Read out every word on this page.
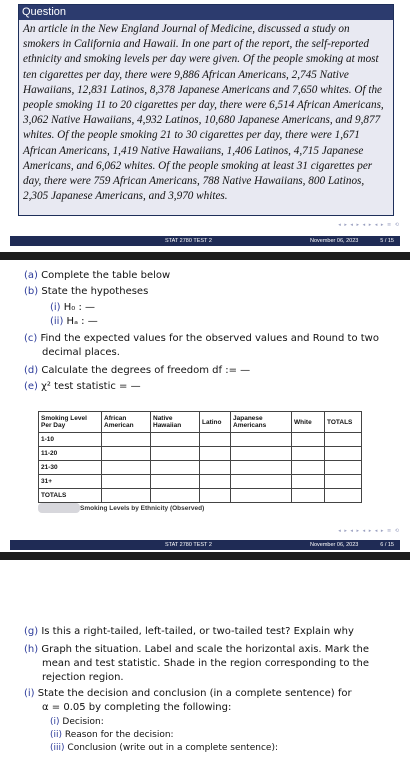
Question
An article in the New England Journal of Medicine, discussed a study on smokers in California and Hawaii. In one part of the report, the self-reported ethnicity and smoking levels per day were given. Of the people smoking at most ten cigarettes per day, there were 9,886 African Americans, 2,745 Native Hawaiians, 12,831 Latinos, 8,378 Japanese Americans and 7,650 whites. Of the people smoking 11 to 20 cigarettes per day, there were 6,514 African Americans, 3,062 Native Hawaiians, 4,932 Latinos, 10,680 Japanese Americans, and 9,877 whites. Of the people smoking 21 to 30 cigarettes per day, there were 1,671 African Americans, 1,419 Native Hawaiians, 1,406 Latinos, 4,715 Japanese Americans, and 6,062 whites. Of the people smoking at least 31 cigarettes per day, there were 759 African Americans, 788 Native Hawaiians, 800 Latinos, 2,305 Japanese Americans, and 3,970 whites.
◂ ▸ ◂ ▸ ◂ ▸ ◂ ▸ ≡ ⟲
STAT 2780 TEST 2	November 06, 2023	5 / 15
(a) Complete the table below
(b) State the hypotheses
(i) H₀ : —
(ii) Hₐ : —
(c) Find the expected values for the observed values and Round to two
decimal places.
(d) Calculate the degrees of freedom df := —
(e) χ² test statistic = —
Smoking Level Per Day	African American	Native Hawaiian	Latino	Japanese Americans	White	TOTALS
1-10						
11-20						
21-30						
31+						
TOTALS						
Smoking Levels by Ethnicity (Observed)
◂ ▸ ◂ ▸ ◂ ▸ ◂ ▸ ≡ ⟲
STAT 2780 TEST 2	November 06, 2023	6 / 15
(g) Is this a right-tailed, left-tailed, or two-tailed test? Explain why
(h) Graph the situation. Label and scale the horizontal axis. Mark the
mean and test statistic. Shade in the region corresponding to the
rejection region.
(i) State the decision and conclusion (in a complete sentence) for
α = 0.05 by completing the following:
(i) Decision:
(ii) Reason for the decision:
(iii) Conclusion (write out in a complete sentence):
